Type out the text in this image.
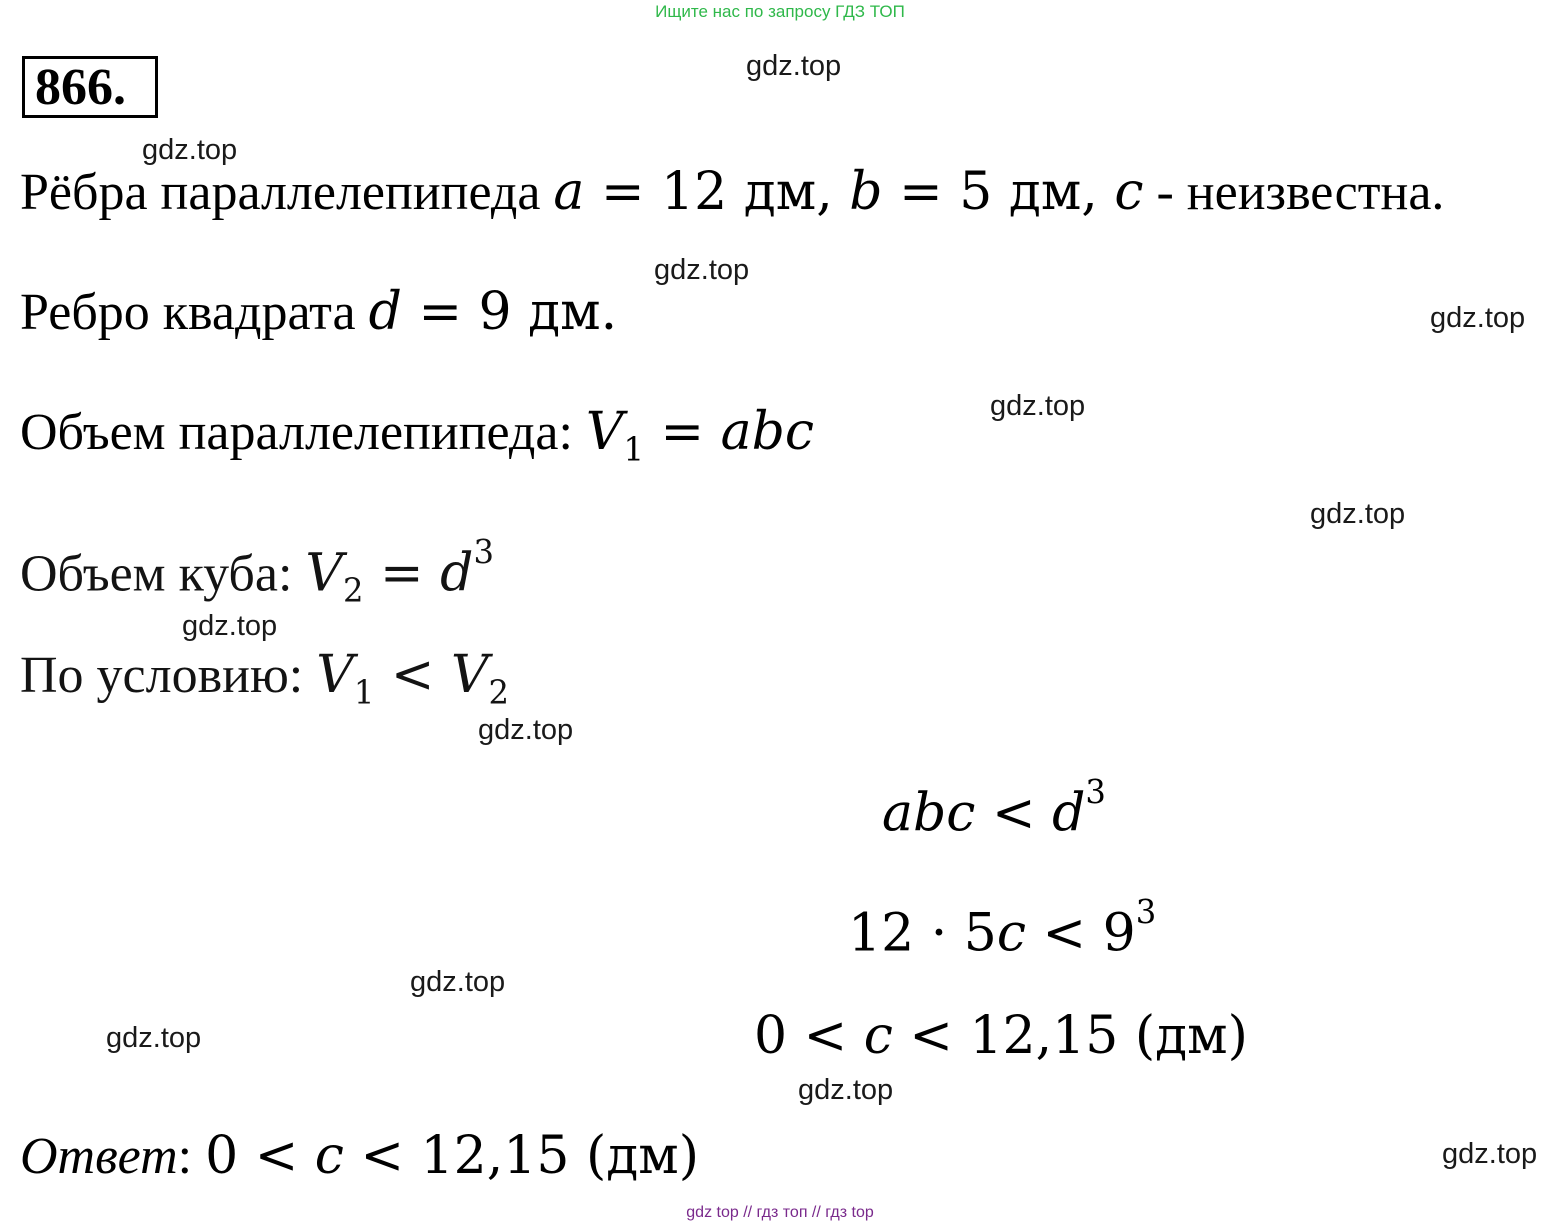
Ищите нас по запросу ГДЗ ТОП
866.	gdz.top
gdz.top
gdz.top
gdz.top
gdz.top
gdz.top
gdz.top
gdz.top
gdz.top
gdz.top
gdz.top
gdz.top
Рёбра параллелепипеда a = 12 дм, b = 5 дм, c - неизвестна.
Ребро квадрата d = 9 дм.
Объем параллелепипеда: $V_1$ = abc
Объем куба: $V_2 = d^3$
По условию: $V_1 < V_2$
abc < $d^3$
$12 \cdot 5c < 9^3$
0 < c < 12,15 (дм)
Ответ: 0 < c < 12,15 (дм)
gdz top // гдз топ // гдз top
